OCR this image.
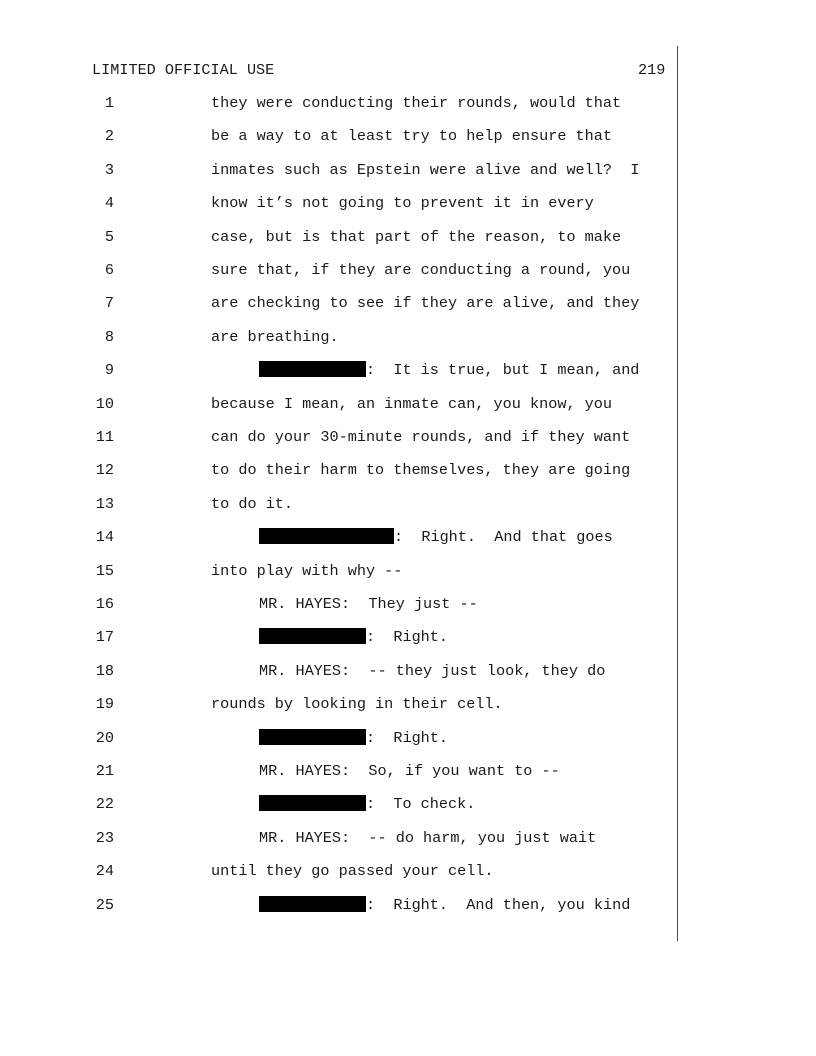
LIMITED OFFICIAL USE	219
1	they were conducting their rounds, would that
2	be a way to at least try to help ensure that
3	inmates such as Epstein were alive and well?  I
4	know it’s not going to prevent it in every
5	case, but is that part of the reason, to make
6	sure that, if they are conducting a round, you
7	are checking to see if they are alive, and they
8	are breathing.
9	:  It is true, but I mean, and
10	because I mean, an inmate can, you know, you
11	can do your 30-minute rounds, and if they want
12	to do their harm to themselves, they are going
13	to do it.
14	:  Right.  And that goes
15	into play with why --
16	MR. HAYES:  They just --
17	:  Right.
18	MR. HAYES:  -- they just look, they do
19	rounds by looking in their cell.
20	:  Right.
21	MR. HAYES:  So, if you want to --
22	:  To check.
23	MR. HAYES:  -- do harm, you just wait
24	until they go passed your cell.
25	:  Right.  And then, you kind
